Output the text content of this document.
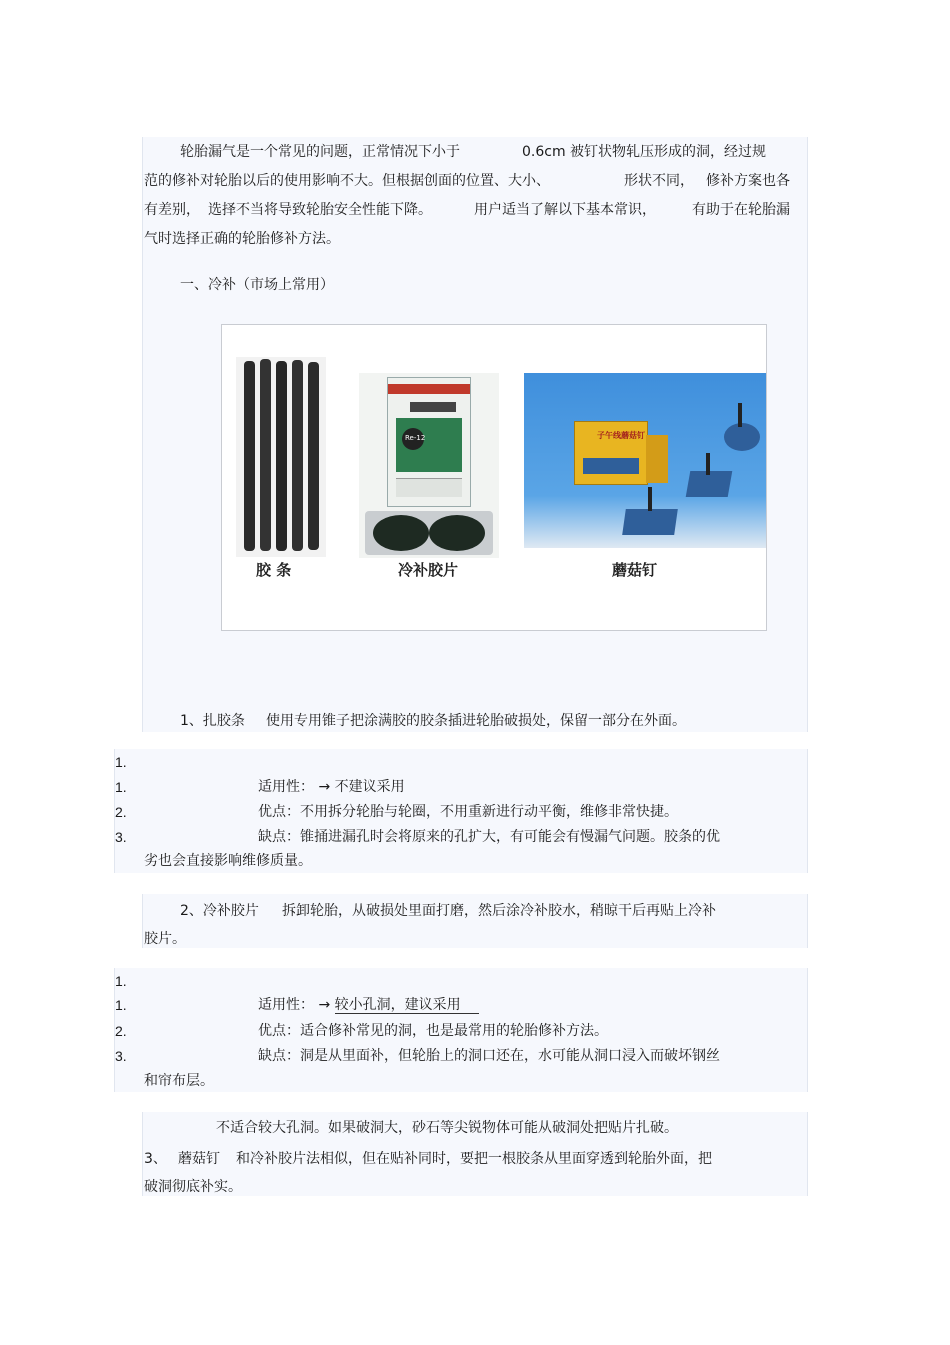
轮胎漏气是一个常见的问题，正常情况下小于	0.6cm 被钉状物轧压形成的洞，经过规
范的修补对轮胎以后的使用影响不大。但根据创面的位置、大小、	形状不同， 修补方案也各
有差别， 选择不当将导致轮胎安全性能下降。	用户适当了解以下基本常识，	有助于在轮胎漏
气时选择正确的轮胎修补方法。
一、冷补（市场上常用）
胶 条
Re-12
冷补胶片
子午线蘑菇钉
蘑菇钉
1、扎胶条 使用专用锥子把涂满胶的胶条插进轮胎破损处，保留一部分在外面。
1.
1.	适用性： → 不建议采用
2.	优点：不用拆分轮胎与轮圈，不用重新进行动平衡，维修非常快捷。
3.	缺点：锥捅进漏孔时会将原来的孔扩大，有可能会有慢漏气问题。胶条的优
劣也会直接影响维修质量。
2、冷补胶片 拆卸轮胎，从破损处里面打磨，然后涂冷补胶水，稍晾干后再贴上冷补
胶片。
1.
1.	适用性： → 较小孔洞，建议采用
2.	优点：适合修补常见的洞，也是最常用的轮胎修补方法。
3.	缺点：洞是从里面补，但轮胎上的洞口还在，水可能从洞口浸入而破坏钢丝
和帘布层。
不适合较大孔洞。如果破洞大，砂石等尖锐物体可能从破洞处把贴片扎破。
3、 蘑菇钉 和冷补胶片法相似，但在贴补同时，要把一根胶条从里面穿透到轮胎外面，把
破洞彻底补实。
